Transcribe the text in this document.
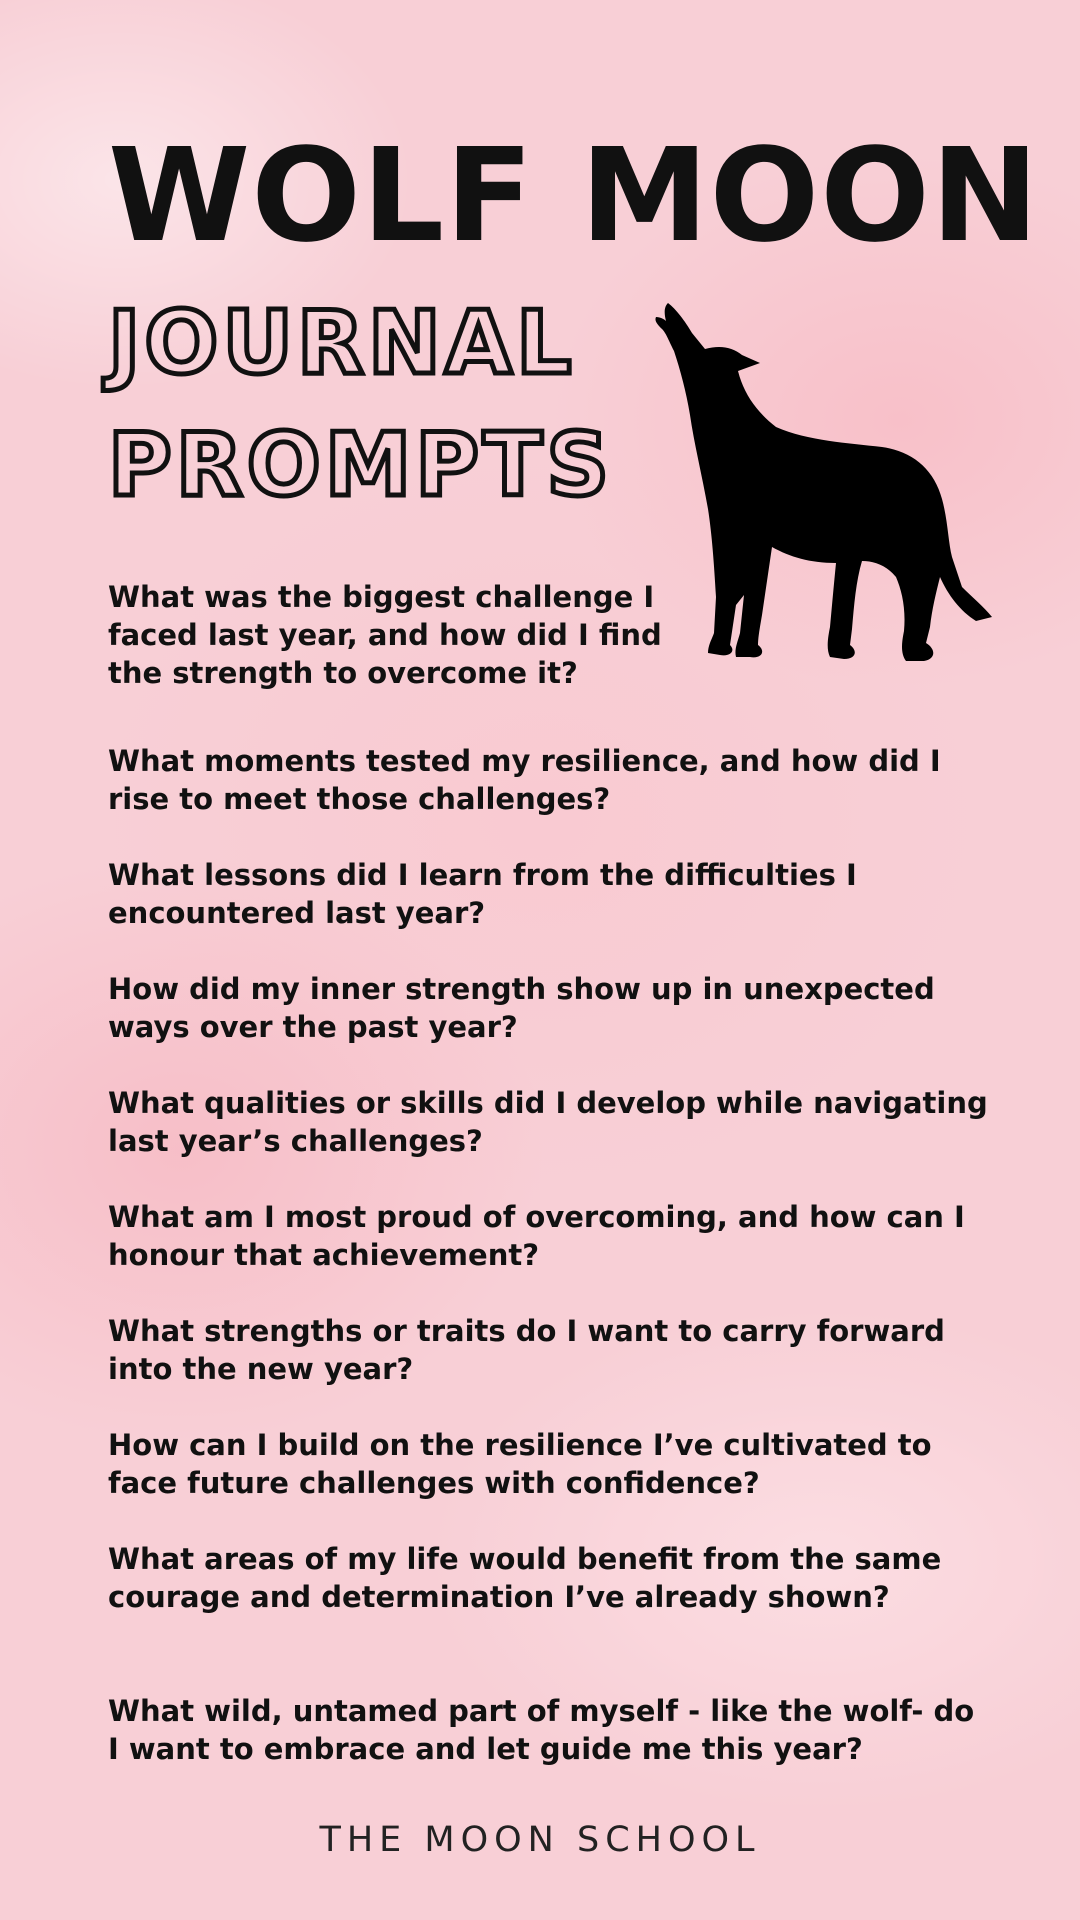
WOLF MOON
JOURNAL
PROMPTS

What was the biggest challenge I faced last year, and how did I find the strength to overcome it?

What moments tested my resilience, and how did I rise to meet those challenges?

What lessons did I learn from the difficulties I encountered last year?

How did my inner strength show up in unexpected ways over the past year?

What qualities or skills did I develop while navigating last year’s challenges?

What am I most proud of overcoming, and how can I honour that achievement?

What strengths or traits do I want to carry forward into the new year?

How can I build on the resilience I’ve cultivated to face future challenges with confidence?

What areas of my life would benefit from the same courage and determination I’ve already shown?

What wild, untamed part of myself - like the wolf- do I want to embrace and let guide me this year?

THE MOON SCHOOL
